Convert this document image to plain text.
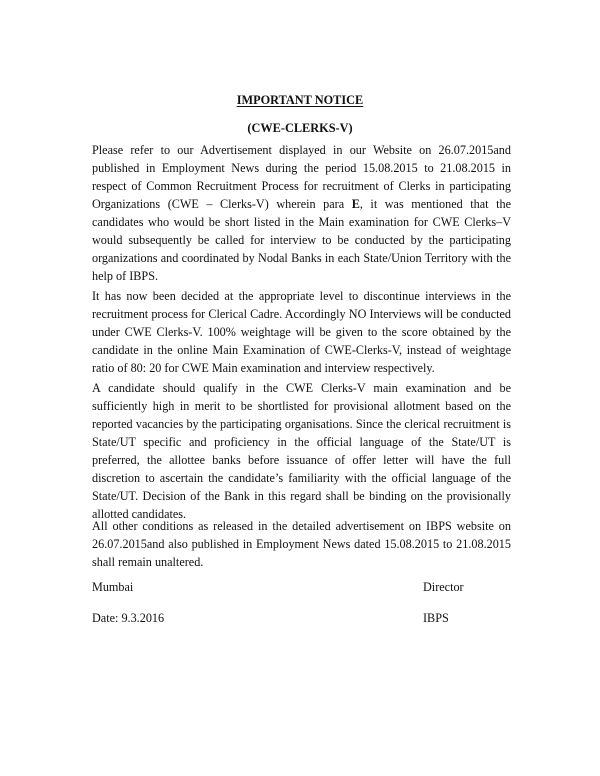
IMPORTANT NOTICE
(CWE-CLERKS-V)

Please refer to our Advertisement displayed in our Website on 26.07.2015and published in Employment News during the period 15.08.2015 to 21.08.2015 in respect of Common Recruitment Process for recruitment of Clerks in participating Organizations (CWE – Clerks-V) wherein para E, it was mentioned that the candidates who would be short listed in the Main examination for CWE Clerks–V would subsequently be called for interview to be conducted by the participating organizations and coordinated by Nodal Banks in each State/Union Territory with the help of IBPS.

It has now been decided at the appropriate level to discontinue interviews in the recruitment process for Clerical Cadre. Accordingly NO Interviews will be conducted under CWE Clerks-V. 100% weightage will be given to the score obtained by the candidate in the online Main Examination of CWE-Clerks-V, instead of weightage ratio of 80: 20 for CWE Main examination and interview respectively.

A candidate should qualify in the CWE Clerks-V main examination and be sufficiently high in merit to be shortlisted for provisional allotment based on the reported vacancies by the participating organisations. Since the clerical recruitment is State/UT specific and proficiency in the official language of the State/UT is preferred, the allottee banks before issuance of offer letter will have the full discretion to ascertain the candidate’s familiarity with the official language of the State/UT. Decision of the Bank in this regard shall be binding on the provisionally allotted candidates.

All other conditions as released in the detailed advertisement on IBPS website on 26.07.2015and also published in Employment News dated 15.08.2015 to 21.08.2015 shall remain unaltered.

Mumbai	Director
Date: 9.3.2016	IBPS
